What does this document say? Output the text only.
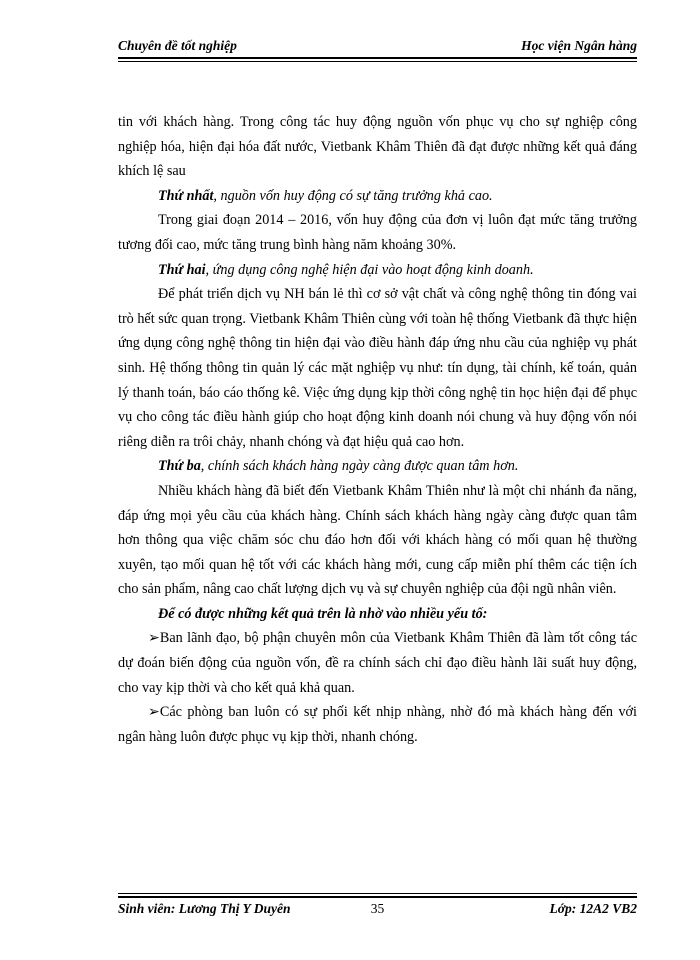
Chuyên đề tốt nghiệp	Học viện Ngân hàng

tin với khách hàng. Trong công tác huy động nguồn vốn phục vụ cho sự nghiệp công nghiệp hóa, hiện đại hóa đất nước, Vietbank Khâm Thiên đã đạt được những kết quả đáng khích lệ sau

Thứ nhất, nguồn vốn huy động có sự tăng trưởng khả cao.

Trong giai đoạn 2014 – 2016, vốn huy động của đơn vị luôn đạt mức tăng trưởng tương đối cao, mức tăng trung bình hàng năm khoảng 30%.

Thứ hai, ứng dụng công nghệ hiện đại vào hoạt động kinh doanh.

Để phát triển dịch vụ NH bán lẻ thì cơ sở vật chất và công nghệ thông tin đóng vai trò hết sức quan trọng. Vietbank Khâm Thiên cùng với toàn hệ thống Vietbank đã thực hiện ứng dụng công nghệ thông tin hiện đại vào điều hành đáp ứng nhu cầu của nghiệp vụ phát sinh. Hệ thống thông tin quản lý các mặt nghiệp vụ như: tín dụng, tài chính, kế toán, quản lý thanh toán, báo cáo thống kê. Việc ứng dụng kịp thời công nghệ tin học hiện đại để phục vụ cho công tác điều hành giúp cho hoạt động kinh doanh nói chung và huy động vốn nói riêng diễn ra trôi chảy, nhanh chóng và đạt hiệu quả cao hơn.

Thứ ba, chính sách khách hàng ngày càng được quan tâm hơn.

Nhiều khách hàng đã biết đến Vietbank Khâm Thiên như là một chi nhánh đa năng, đáp ứng mọi yêu cầu của khách hàng. Chính sách khách hàng ngày càng được quan tâm hơn thông qua việc chăm sóc chu đáo hơn đối với khách hàng có mối quan hệ thường xuyên, tạo mối quan hệ tốt với các khách hàng mới, cung cấp miễn phí thêm các tiện ích cho sản phẩm, nâng cao chất lượng dịch vụ và sự chuyên nghiệp của đội ngũ nhân viên.

Để có được những kết quả trên là nhờ vào nhiều yếu tố:

➢Ban lãnh đạo, bộ phận chuyên môn của Vietbank Khâm Thiên đã làm tốt công tác dự đoán biến động của nguồn vốn, đề ra chính sách chỉ đạo điều hành lãi suất huy động, cho vay kịp thời và cho kết quả khả quan.

➢Các phòng ban luôn có sự phối kết nhịp nhàng, nhờ đó mà khách hàng đến với ngân hàng luôn được phục vụ kịp thời, nhanh chóng.

Sinh viên: Lương Thị Y Duyên	35	Lớp: 12A2 VB2
